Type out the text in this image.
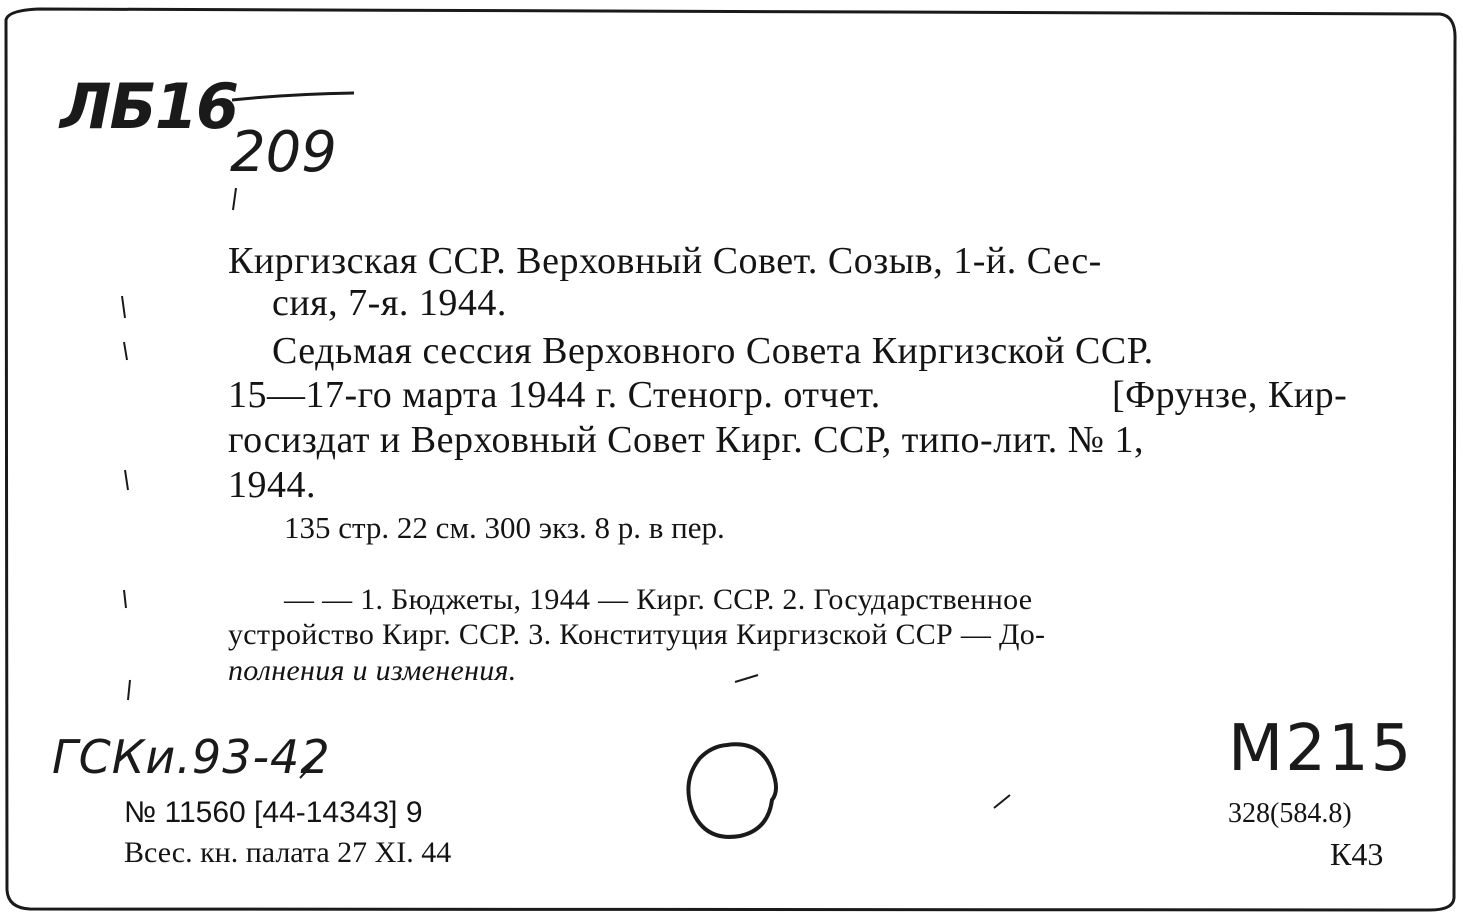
ЛБ16
209
Киргизская ССР. Верховный Совет. Созыв, 1-й. Сес-
сия, 7-я. 1944.
Седьмая сессия Верховного Совета Киргизской ССР.
15—17-го марта 1944 г. Стеногр. отчет.	[Фрунзе, Кир-
госиздат и Верховный Совет Кирг. ССР, типо-лит. № 1,
1944.
135 стр. 22 см. 300 экз. 8 р. в пер.
— — 1. Бюджеты, 1944 — Кирг. ССР. 2. Государственное
устройство Кирг. ССР. 3. Конституция Киргизской ССР — До-
полнения и изменения.
ГСКи.93-42	М215
№ 11560 [44-14343] 9
Всес. кн. палата 27 XI. 44
328(584.8)
К43
